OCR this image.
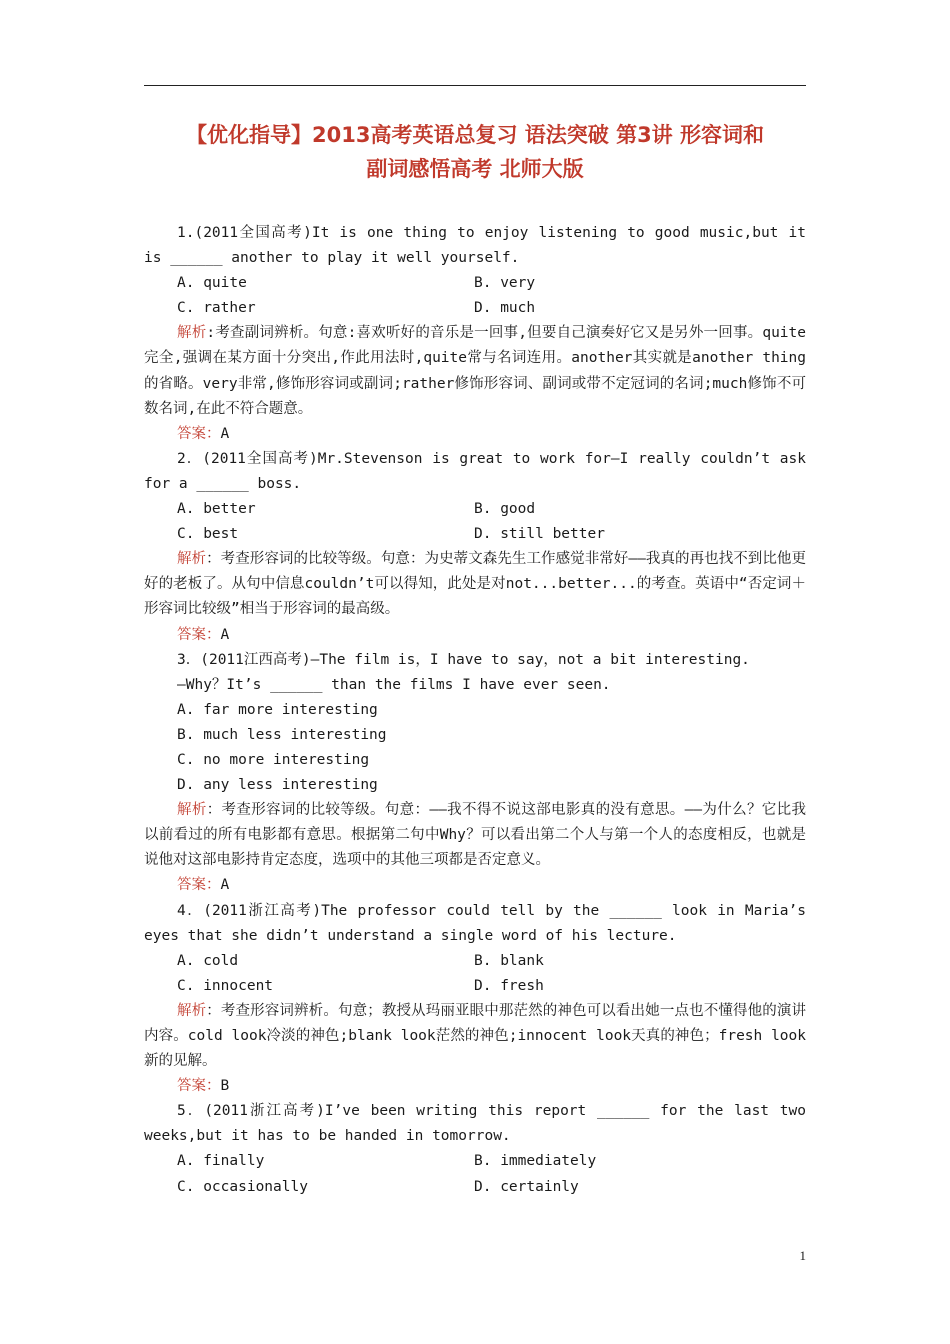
【优化指导】2013高考英语总复习 语法突破 第3讲 形容词和
副词感悟高考 北师大版

1.(2011全国高考)It is one thing to enjoy listening to good music,but it is ______ another to play it well yourself.

A. quite	B. very
C. rather	D. much

解析:考查副词辨析。句意:喜欢听好的音乐是一回事,但要自己演奏好它又是另外一回事。quite完全,强调在某方面十分突出,作此用法时,quite常与名词连用。another其实就是another thing的省略。very非常,修饰形容词或副词;rather修饰形容词、副词或带不定冠词的名词;much修饰不可数名词,在此不符合题意。

答案：A

2．(2011全国高考)Mr.Stevenson is great to work for—I really couldn’t ask for a ______ boss.

A. better	B. good
C. best	D. still better

解析：考查形容词的比较等级。句意：为史蒂文森先生工作感觉非常好——我真的再也找不到比他更好的老板了。从句中信息couldn’t可以得知，此处是对not...better...的考查。英语中“否定词＋形容词比较级”相当于形容词的最高级。

答案：A

3．(2011江西高考)—The film is，I have to say，not a bit interesting.

—Why？It’s ______ than the films I have ever seen.

A. far more interesting

B. much less interesting

C. no more interesting

D. any less interesting

解析：考查形容词的比较等级。句意：——我不得不说这部电影真的没有意思。——为什么？它比我以前看过的所有电影都有意思。根据第二句中Why？可以看出第二个人与第一个人的态度相反，也就是说他对这部电影持肯定态度，选项中的其他三项都是否定意义。

答案：A

4．(2011浙江高考)The professor could tell by the ______ look in Maria’s eyes that she didn’t understand a single word of his lecture.

A. cold	B. blank
C. innocent	D. fresh

解析：考查形容词辨析。句意；教授从玛丽亚眼中那茫然的神色可以看出她一点也不懂得他的演讲内容。cold look冷淡的神色;blank look茫然的神色;innocent look天真的神色；fresh look新的见解。

答案：B

5．(2011浙江高考)I’ve been writing this report ______ for the last two weeks,but it has to be handed in tomorrow.

A. finally	B. immediately
C. occasionally	D. certainly
1
